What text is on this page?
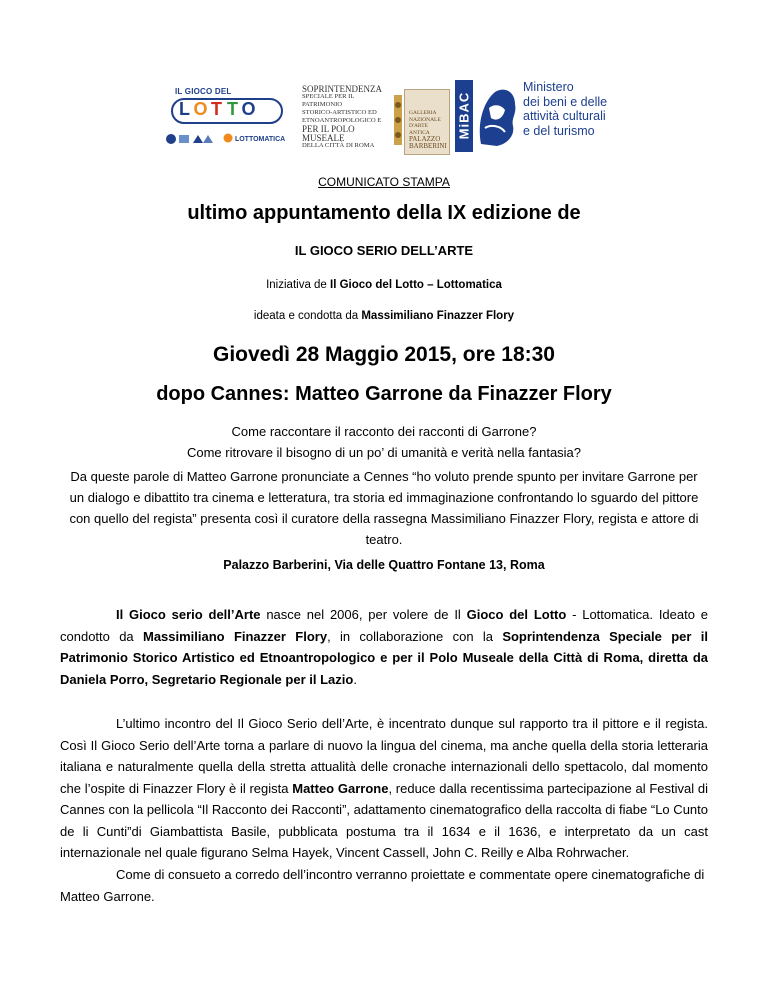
IL GIOCO DEL
L O T T O
LOTTOMATICA
SOPRINTENDENZA
SPECIALE PER IL PATRIMONIO
STORICO-ARTISTICO ED
ETNOANTROPOLOGICO E
PER IL POLO MUSEALE
DELLA CITTÀ DI ROMA
GALLERIA NAZIONALE
D'ARTE ANTICA
PALAZZO
BARBERINI
MiBAC
Ministero
dei beni e delle
attività culturali
e del turismo
COMUNICATO STAMPA
ultimo appuntamento della IX edizione de
IL GIOCO SERIO DELL’ARTE
Iniziativa de Il Gioco del Lotto – Lottomatica
ideata e condotta da Massimiliano Finazzer Flory
Giovedì 28 Maggio 2015, ore 18:30
dopo Cannes: Matteo Garrone da Finazzer Flory
Come raccontare il racconto dei racconti di Garrone?
Come ritrovare il bisogno di un po’ di umanità e verità nella fantasia?
Da queste parole di Matteo Garrone pronunciate a Cennes “ho voluto prende spunto per invitare Garrone per un dialogo e dibattito tra cinema e letteratura, tra storia ed immaginazione confrontando lo sguardo del pittore con quello del regista” presenta così il curatore della rassegna Massimiliano Finazzer Flory, regista e attore di teatro.
Palazzo Barberini, Via delle Quattro Fontane 13, Roma
Il Gioco serio dell’Arte nasce nel 2006, per volere de Il Gioco del Lotto - Lottomatica. Ideato e condotto da Massimiliano Finazzer Flory, in collaborazione con la Soprintendenza Speciale per il Patrimonio Storico Artistico ed Etnoantropologico e per il Polo Museale della Città di Roma, diretta da Daniela Porro, Segretario Regionale per il Lazio.
L’ultimo incontro del Il Gioco Serio dell’Arte, è incentrato dunque sul rapporto tra il pittore e il regista. Così Il Gioco Serio dell’Arte torna a parlare di nuovo la lingua del cinema, ma anche quella della storia letteraria italiana e naturalmente quella della stretta attualità delle cronache internazionali dello spettacolo, dal momento che l’ospite di Finazzer Flory è il regista Matteo Garrone, reduce dalla recentissima partecipazione al Festival di Cannes con la pellicola “Il Racconto dei Racconti”, adattamento cinematografico della raccolta di fiabe “Lo Cunto de li Cunti”di Giambattista Basile, pubblicata postuma tra il 1634 e il 1636, e interpretato da un cast internazionale nel quale figurano Selma Hayek, Vincent Cassell, John C. Reilly e Alba Rohrwacher.
Come di consueto a corredo dell’incontro verranno proiettate e commentate opere cinematografiche di Matteo Garrone.
